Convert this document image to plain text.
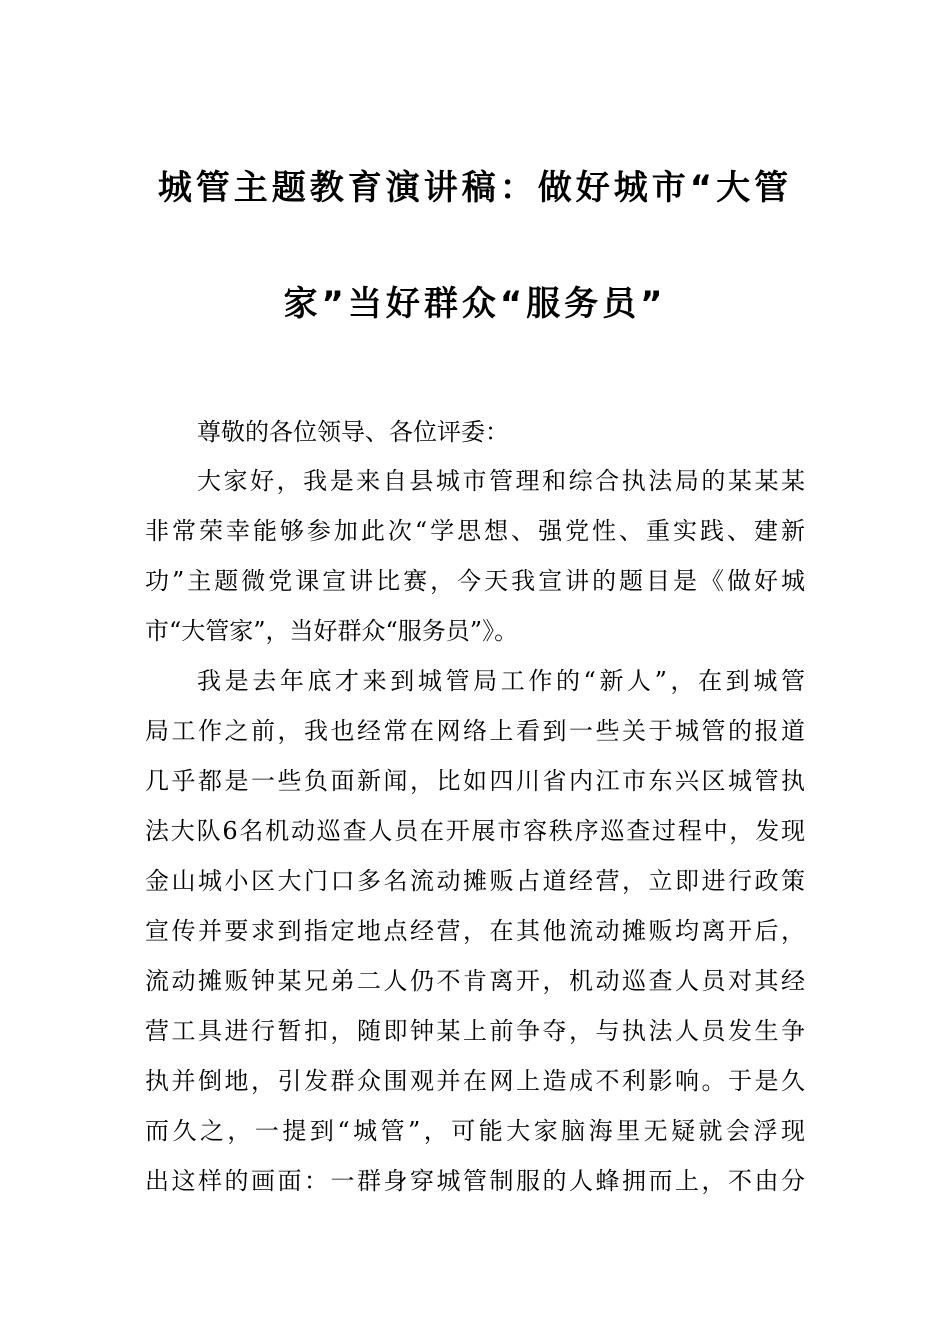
城管主题教育演讲稿：做好城市“大管
家”当好群众“服务员”
尊敬的各位领导、各位评委：
大家好，我是来自县城市管理和综合执法局的某某某
非常荣幸能够参加此次“学思想、强党性、重实践、建新
功”主题微党课宣讲比赛，今天我宣讲的题目是《做好城
市“大管家”，当好群众“服务员”》。
我是去年底才来到城管局工作的“新人”，在到城管
局工作之前，我也经常在网络上看到一些关于城管的报道
几乎都是一些负面新闻，比如四川省内江市东兴区城管执
法大队6名机动巡查人员在开展市容秩序巡查过程中，发现
金山城小区大门口多名流动摊贩占道经营，立即进行政策
宣传并要求到指定地点经营，在其他流动摊贩均离开后，
流动摊贩钟某兄弟二人仍不肯离开，机动巡查人员对其经
营工具进行暂扣，随即钟某上前争夺，与执法人员发生争
执并倒地，引发群众围观并在网上造成不利影响。于是久
而久之，一提到“城管”，可能大家脑海里无疑就会浮现
出这样的画面：一群身穿城管制服的人蜂拥而上，不由分
